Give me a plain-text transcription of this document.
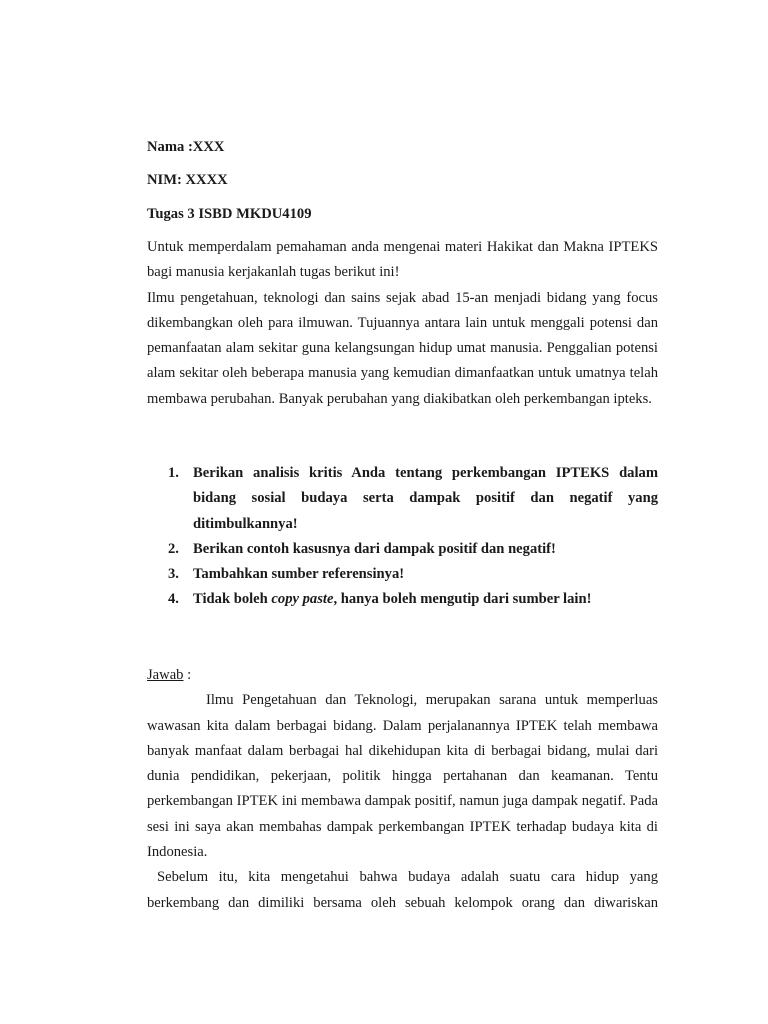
Nama :XXX
NIM: XXXX
Tugas 3 ISBD MKDU4109

Untuk memperdalam pemahaman anda mengenai materi Hakikat dan Makna IPTEKS bagi manusia kerjakanlah tugas berikut ini!

Ilmu pengetahuan, teknologi dan sains sejak abad 15-an menjadi bidang yang focus dikembangkan oleh para ilmuwan. Tujuannya antara lain untuk menggali potensi dan pemanfaatan alam sekitar guna kelangsungan hidup umat manusia. Penggalian potensi alam sekitar oleh beberapa manusia yang kemudian dimanfaatkan untuk umatnya telah membawa perubahan. Banyak perubahan yang diakibatkan oleh perkembangan ipteks.

1. Berikan analisis kritis Anda tentang perkembangan IPTEKS dalam bidang sosial budaya serta dampak positif dan negatif yang ditimbulkannya!
2. Berikan contoh kasusnya dari dampak positif dan negatif!
3. Tambahkan sumber referensinya!
4. Tidak boleh copy paste, hanya boleh mengutip dari sumber lain!

Jawab :

Ilmu Pengetahuan dan Teknologi, merupakan sarana untuk memperluas wawasan kita dalam berbagai bidang. Dalam perjalanannya IPTEK telah membawa banyak manfaat dalam berbagai hal dikehidupan kita di berbagai bidang, mulai dari dunia pendidikan, pekerjaan, politik hingga pertahanan dan keamanan. Tentu perkembangan IPTEK ini membawa dampak positif, namun juga dampak negatif. Pada sesi ini saya akan membahas dampak perkembangan IPTEK terhadap budaya kita di Indonesia.

Sebelum itu, kita mengetahui bahwa budaya adalah suatu cara hidup yang berkembang dan dimiliki bersama oleh sebuah kelompok orang dan diwariskan
